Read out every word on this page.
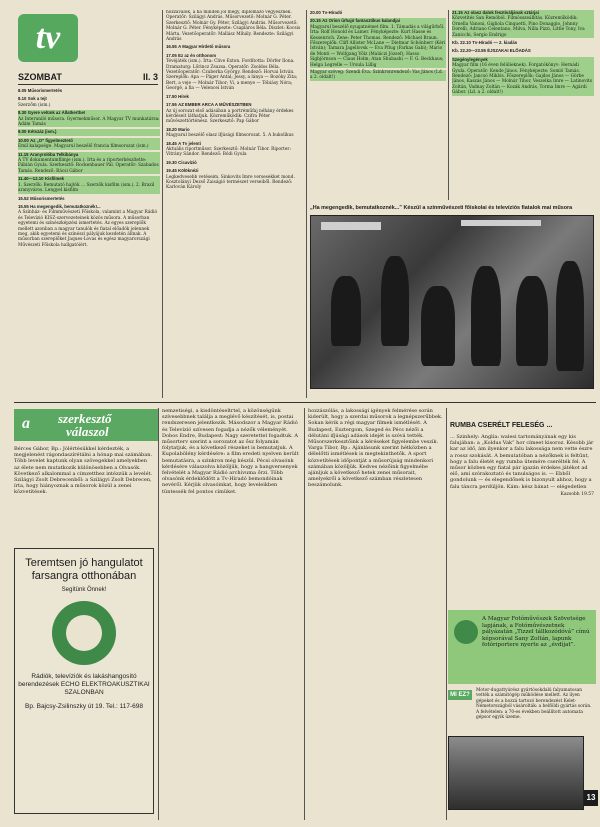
tv
SZOMBAT	II. 3
8.05 Műsorismertetés
8.10 Sok a tejt
Szerzőm (ism.)
8.30 Gyere velünk az Állatkertbe!
Az Interuniló műsora. Gyermekműsor. A Magyar TV munkatársa: Adám Tamás
9.00 Kétszáz (ism.)
10.00 Az „O” figyelmeztető
Emil kalapsége. Magyarul beszélő francia filmsorozat (ism.)
11.15 Aranyrolóba Telkibánya
A TV dokumentumfilmje (ism.). Irta és a riporterkészítette: Fábián Gyula. Szerkesztő: Rockenbauer Pál. Operatőr: Szabados Tamás. Rendező: Bácsi Gábor
11.40—12.10 Kisfilmek
1. Szerzők: Bemutató hajtók ... Szerzők kisfilm (ism.). 2. Brazil aranyváros. Lengyel kisfilm
15.52 Műsorismertetés
15.55 Ha megengedik, bemutatkoznék!...
A Színház- és Filmművészeti Főiskola, valamint a Magyar Rádió és Televízió KISZ-szervezeteinek közös műsora. A műsorban egyetemi és színészképzési ismertetés. Az egyes szereplők mellett azonban a magyar tanulók és fiatal előadók jelennek meg, akik egyetemi és színészi pályájuk kezdetén állnak. A műsorban szereplőket Jaques-Lovas és egész magyarországi Művészeti Főiskola hallgatóiért.
hozzávalók, a ha minden jól megy, diplomázó vegyésznek. Operatőr: Szilágyi András. Műsorvezető: Molnár G. Péter. Szerkesztő: Molnár Gy. Péter, Szilágyi András. Műsorvezető: Molnár G. Péter. Fényképezte: Csapláros Béla. Díszlet: Kocsis Márta. Vezetőoperatőr: Mallász Mihály. Rendezte: Szilágyi András
16.55 A Magyar Hírdető műsora
17.05 Ez az én otthonom
Tévéjáték (ism.). Írta: Clive Exton. Fordította: Dörfer Ilona. Dramaturg: Lőrincz Zsuzsa. Operatőr: Zsoldos Béla. Vezetőoperatőr: Czuberka György. Rendező: Horvai István. Szereplők: Apa — Páger Antal; Jessy, a lánya — Bozóky Zita; Bert, a veje — Molnár Tibor; Vi, a menye — Tóbiásy Nóra; Georgé, a fia — Velencei István
17.50 Hírek
17.55 AZ EMBER ARCA A MŰVÉSZETBEN
Az új sorozat első adásában a portréműfaj néhány érdekes kérdéseit láthatjuk. Közreműködik: Czifra Péter művészettörténész. Szerkesztő: Pap Gábor
18.20 Mario
Magyarul beszélő olasz ifjúsági filmsorozat. 5. A bukolikus
18.45 A Tv jelenti
Aktuális riportműsor. Szerkesztő: Molnár Tibor. Riporter: Vitrány Sándor. Rendező: Bódi Gyula
19.30 Cicavízió
19.45 Kölöknézi
Legkedvesebb vetéseim. Sinkovits Imre versesekket mond. Kosztolányi Dezső Zaiságió természet verseiből. Rendező: Karlován Károly
20.00 Tv-Híradó
20.15 Az Orion űrhajó fantasztikus kalandjai
Magyarul beszélő nyugatnémet film. 1. Támadás a világűrből. Írta: Rolf Honold és Lamer. Fényképezte: Kurt Hasse és Kessenrich. Zene: Peter Thomas. Rendező: Michael Braun. Főszereplők: Cliff Allister McLane — Dietmar Schönherr (Kéri István); Tamara Jagellovsk — Eva Pflug (Farkas Gabi); Mario de Monti — Wolfgang Völz (Maláczi József); Hasso Sigbjörnson — Claus Holm; Atan Shubashi — F. G. Beckhaus; Helga Legrelle — Ursula Lillig
Magyar szöveg: Szendi Éva. Szinkronrendező: Vas János (Ld. a 2. oldalt!)
21.15 Az olasz dalok fesztiváljának sztárjai
Közvetítés San Remóból. Filmösszeállítás. Közreműködik: Ornella Vanoni, Gigliola Cinquetti, Pino Donaggio, Johnny Dorelli, Adriano Celentano, Milva, Nilla Pizzi, Little Tony, Iva Zanicchi, Sergio Endrigo
Kb. 22.10 Tv-Híradó — 2. kiadás
Kb. 22.20—23.55 ÉJSZAKAI ELŐADÁS
Szegénylegények
Magyar film (16 éven felülieknek). Forgatókönyv: Hernádi Gyula. Operatőr: Kende János. Fényképezte: Somló Tamás. Rendező: Jancsó Miklós. Főszereplők: Gajdos János — Görbe János, Kaszás János — Molnár Tibor, Veszelka Imre — Latinovits Zoltán, Vadnay Zoltán — Kozák András, Torma Imre — Agárdi Gábor. (Ld. a 2. oldalt!)
„Ha megengedik, bemutatkoznék...” Készül a színművészeti főiskolai és televíziós fiatalok mai műsora
a szerkesztő
válaszol
Bérces Gábor, Bp.: Jólértésükkel kérdezték, a megjelenést rágondaszírétálni a hónap mai számában. Több levelet kaptunk olyan szövegekkel amelyekben az élete nem mutatkozik különösebben a Olvasók. Következő alkalommal a címzetthez intézzük a levelét. Szilágyi Zsolt Debrecenből: a Szilágyi Zsolt Debrecen, írta, hogy hiányoznak a műsorok közül a zenei közvetítések.
nemzetiségi, a kisdöntéseltrtel, a közönségünk szívesebbnek találja a meglévő készítését, is, postai rendszeresen jelentkezik. Másodszor a Magyar Rádió és Televízió szívesen fogadja a nézők véleményét. Dobos Endre, Budapest: Nagy szeretettel fogadtuk. A műsorterv szerint a sorozatot az ősz folyamán folytatjuk, és a következő részeket is bemutatjuk. A Kupolabölény kérdésére: a film eredeti nyelven került bemutatásra, a szinkron még készül. Pécsi olvasónk kérdésére válaszolva közöljük, hogy a hangversenyek felvételét a Magyar Rádió archívuma őrzi. Több olvasónk érdeklődött a Tv-Híradó bemondóinak nevéről. Kérjük olvasóinkat, hogy leveleikben tüntessék fel pontos címüket.
hozzászólás, a lakossági igények felmérése során kiderült, hogy a szerdai műsorok a legnépszerűbbek. Sokan kérik a régi magyar filmek ismétlését. A Budapest, Esztergom, Szeged és Pécs nézői a délutáni ifjúsági adások idejét is szóvá tették. Műsorszerkesztőink a kéréseket figyelembe veszik. Varga Tibor, Bp.: Ajánlásunk szerint hétközben a délelőtti ismétlések is megtekinthetők. A sport közvetítések időpontját a műsorújság mindenkori számában közöljük. Kedves nézőink figyelmébe ajánljuk a következő hetek zenei műsorait, amelyekről a következő számban részletesen beszámolunk.
Teremtsen jó hangulatot farsangra otthonában
Segítünk Önnek!
Rádiók, televíziók és lakáshangosító berendezések ECHO ELEKTROAKUSZTIKAI SZALONBAN
Bp. Bajcsy-Zsilinszky út 19. Tel.: 117-698
RUMBA CSERÉLT FELESÉG ...
... Szinhely: Anglia: walesi tartományának egy kis falujában: a „Koldus Vak” hor címeet kisoroz. Késobb jár kar az idő, ám ilyenkor a falu lakossága nem vette észre a rossz szokását. A bemutatóban a nézőknek is feltűnt, hogy a falu életét egy rumba ütemére cserélték fel. A műsor közben egy fiatal pár igazán érdekes játékot ad elő, ami szórakoztató és tanulságos is. — Ebből gondolunk — és elegendőnek is bizonyult ahhoz, hogy a falu táncra perdüljön. Kám: kész bánat — elégedetlen
Kazsobh 19.57
A Magyar Fotóművészek Szövetsége lapjának, a Fotóművészetnek pályázatán „Tizzel tállkozódóvá” címú képsorával Sany Zoltán, lapunk fotóriportere nyerte az „évdíjat”.
MI EZ?
Motor-dugattyúrész gyártósokdalú falyamatosan vették a számítógép működése mellett. Az ilyen gépeket és a hozzá tartozó berendezést Kelet-Németországból vásárolták: a belföldi gyártás során. A felvételen: a 70-es években beállított automata gépsor egyik üzeme.
13
